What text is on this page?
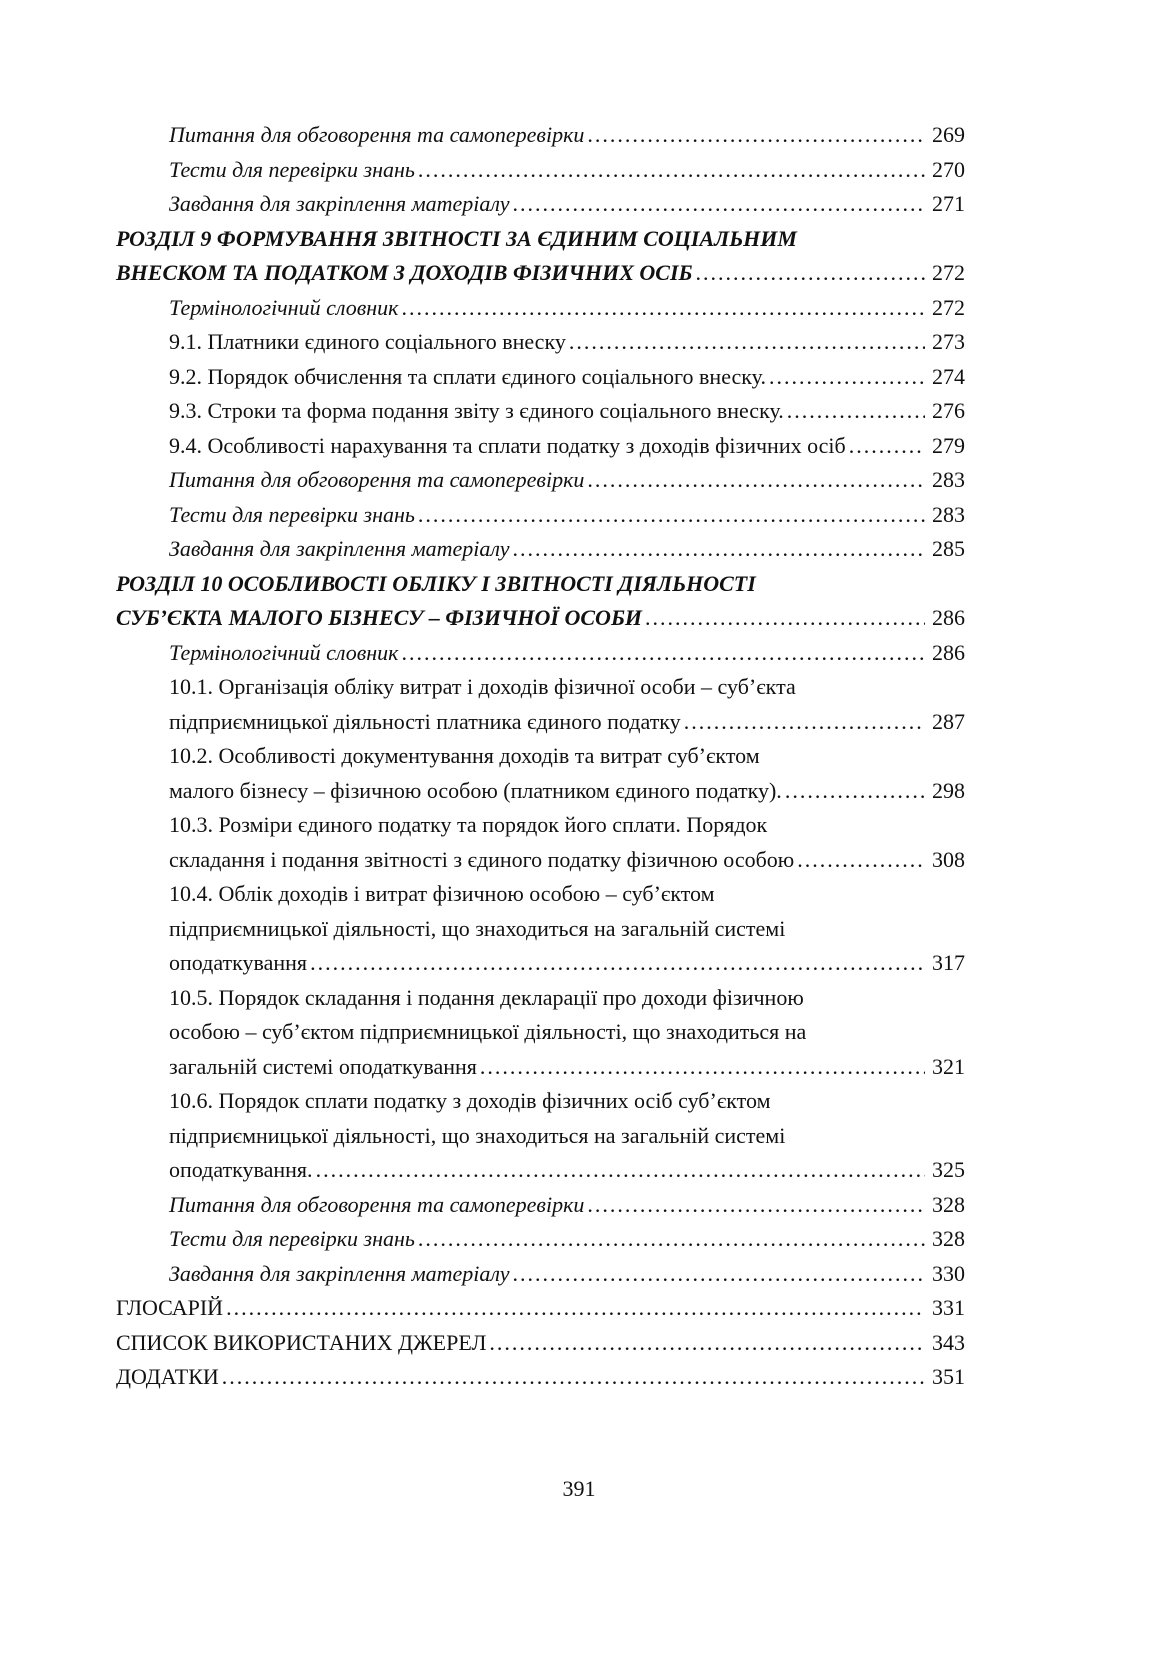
Питання для обговорення та самоперевірки .....	269
Тести для перевірки знань .....	270
Завдання для закріплення матеріалу .....	271
РОЗДІЛ 9 ФОРМУВАННЯ ЗВІТНОСТІ ЗА ЄДИНИМ СОЦІАЛЬНИМ
ВНЕСКОМ ТА ПОДАТКОМ З ДОХОДІВ ФІЗИЧНИХ ОСІБ .....	272
Термінологічний словник .....	272
9.1. Платники єдиного соціального внеску .....	273
9.2. Порядок обчислення та сплати єдиного соціального внеску. .....	274
9.3. Строки та форма подання звіту з єдиного соціального внеску. .....	276
9.4. Особливості нарахування та сплати податку з доходів фізичних осіб .....	279
Питання для обговорення та самоперевірки .....	283
Тести для перевірки знань .....	283
Завдання для закріплення матеріалу .....	285
РОЗДІЛ 10 ОСОБЛИВОСТІ ОБЛІКУ І ЗВІТНОСТІ ДІЯЛЬНОСТІ
СУБ’ЄКТА МАЛОГО БІЗНЕСУ – ФІЗИЧНОЇ ОСОБИ .....	286
Термінологічний словник .....	286
10.1. Організація обліку витрат і доходів фізичної особи – суб’єкта
підприємницької діяльності платника єдиного податку .....	287
10.2. Особливості документування доходів та витрат суб’єктом
малого бізнесу – фізичною особою (платником єдиного податку). .....	298
10.3. Розміри єдиного податку та порядок його сплати. Порядок
складання і подання звітності з єдиного податку фізичною особою .....	308
10.4. Облік доходів і витрат фізичною особою – суб’єктом
підприємницької діяльності, що знаходиться на загальній системі
оподаткування .....	317
10.5. Порядок складання і подання декларації про доходи фізичною
особою – суб’єктом підприємницької діяльності, що знаходиться на
загальній системі оподаткування .....	321
10.6. Порядок сплати податку з доходів фізичних осіб суб’єктом
підприємницької діяльності, що знаходиться на загальній системі
оподаткування. .....	325
Питання для обговорення та самоперевірки .....	328
Тести для перевірки знань .....	328
Завдання для закріплення матеріалу .....	330
ГЛОСАРІЙ .....	331
СПИСОК ВИКОРИСТАНИХ ДЖЕРЕЛ .....	343
ДОДАТКИ .....	351
391
